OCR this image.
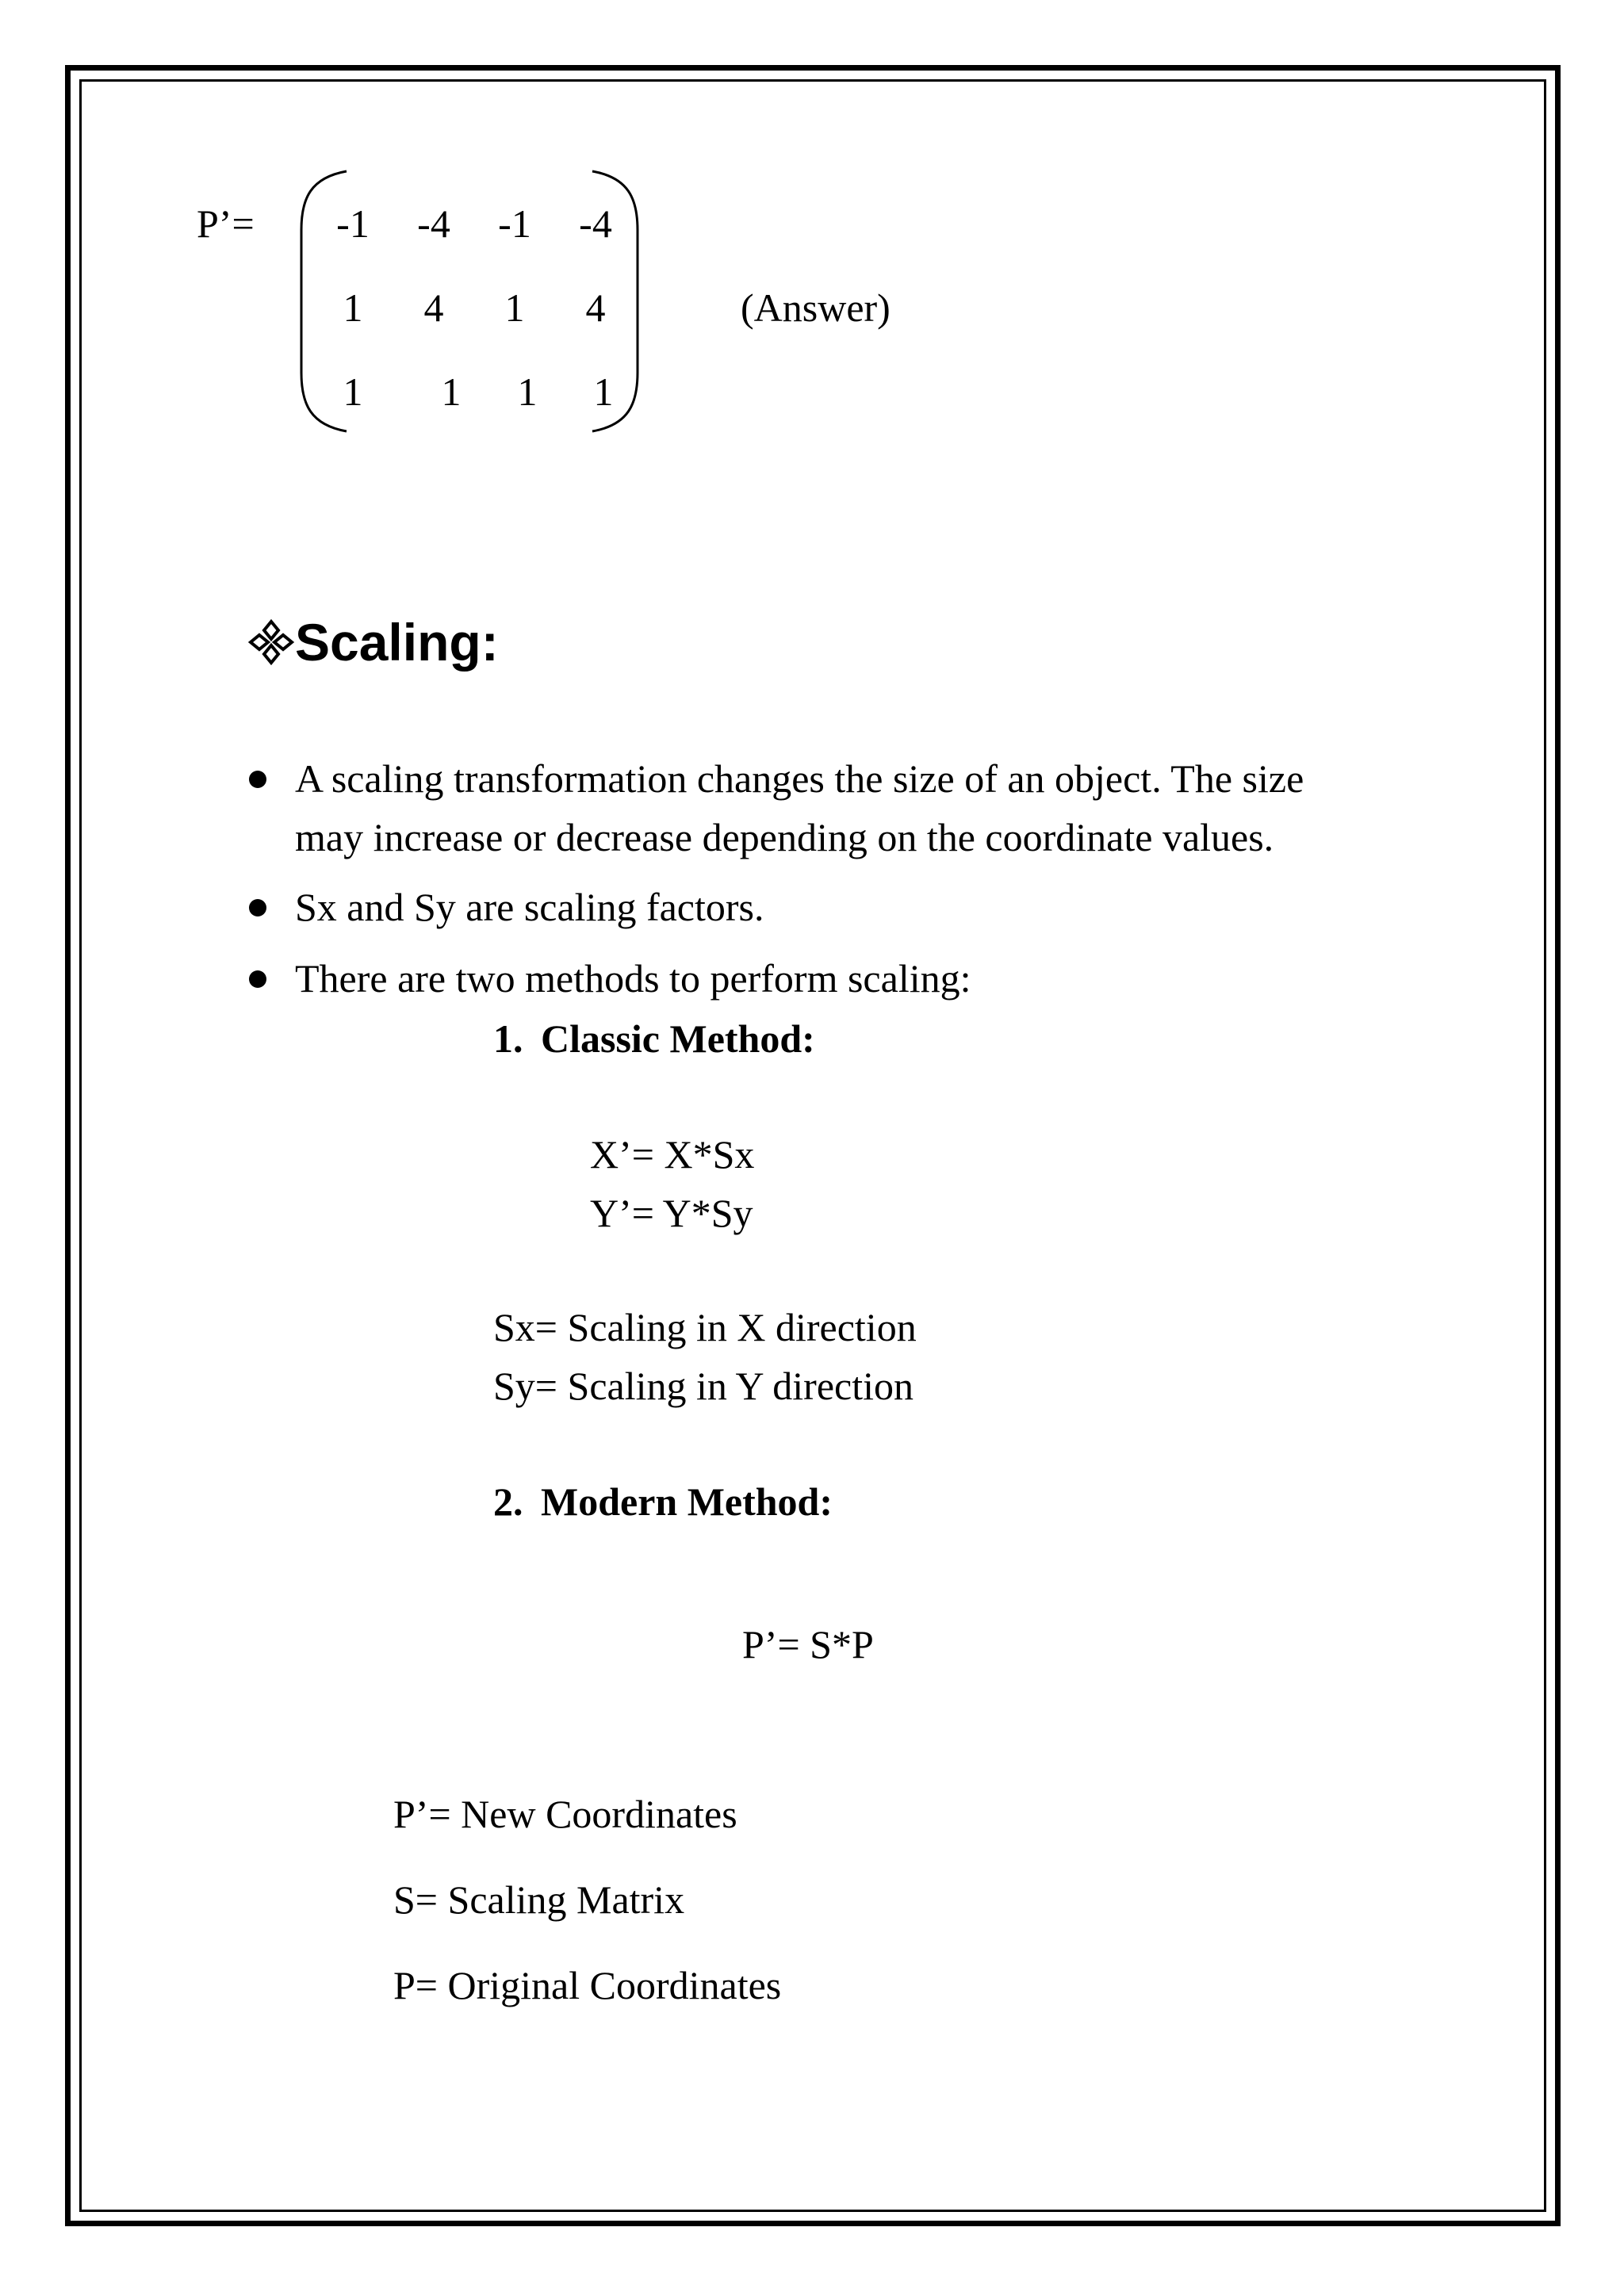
P’=	-1	-4	-1	-4
1	4	1	4
1	1	1	1
(Answer)
Scaling:
A scaling transformation changes the size of an object. The size
may increase or decrease depending on the coordinate values.
Sx and Sy are scaling factors.
There are two methods to perform scaling:
1. Classic Method:
X’= X*Sx
Y’= Y*Sy
Sx= Scaling in X direction
Sy= Scaling in Y direction
2. Modern Method:
P’= S*P
P’= New Coordinates
S= Scaling Matrix
P= Original Coordinates
